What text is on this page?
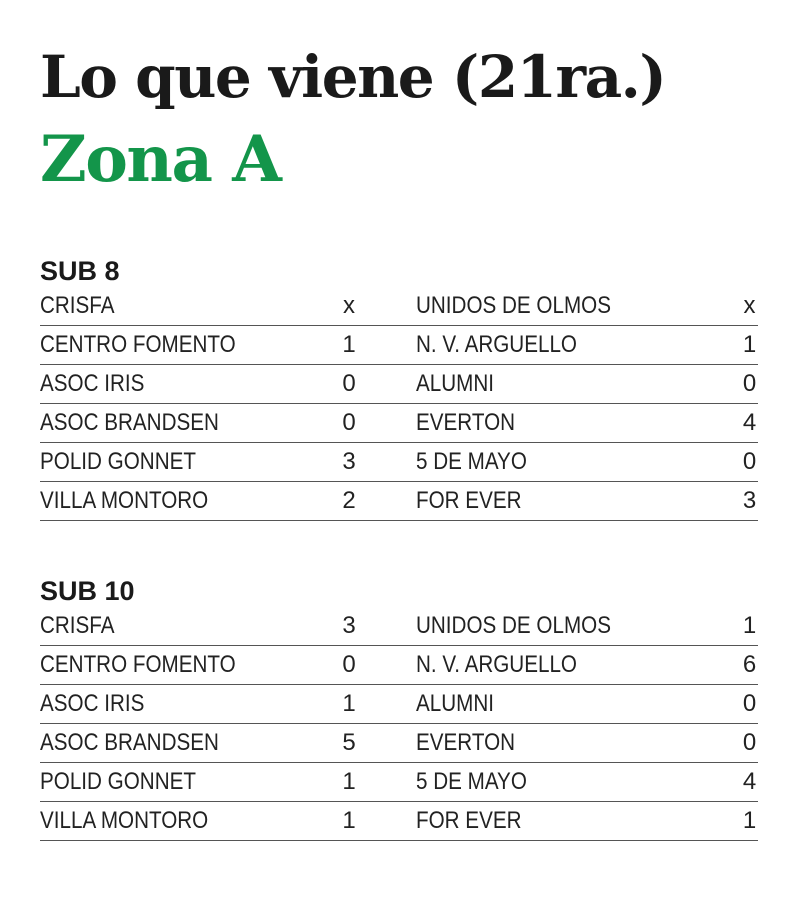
Lo que viene (21ra.)
Zona A
SUB 8
CRISFA	x	UNIDOS DE OLMOS	x
CENTRO FOMENTO	1	N. V. ARGUELLO	1
ASOC IRIS	0	ALUMNI	0
ASOC BRANDSEN	0	EVERTON	4
POLID GONNET	3	5 DE MAYO	0
VILLA MONTORO	2	FOR EVER	3
SUB 10
CRISFA	3	UNIDOS DE OLMOS	1
CENTRO FOMENTO	0	N. V. ARGUELLO	6
ASOC IRIS	1	ALUMNI	0
ASOC BRANDSEN	5	EVERTON	0
POLID GONNET	1	5 DE MAYO	4
VILLA MONTORO	1	FOR EVER	1
